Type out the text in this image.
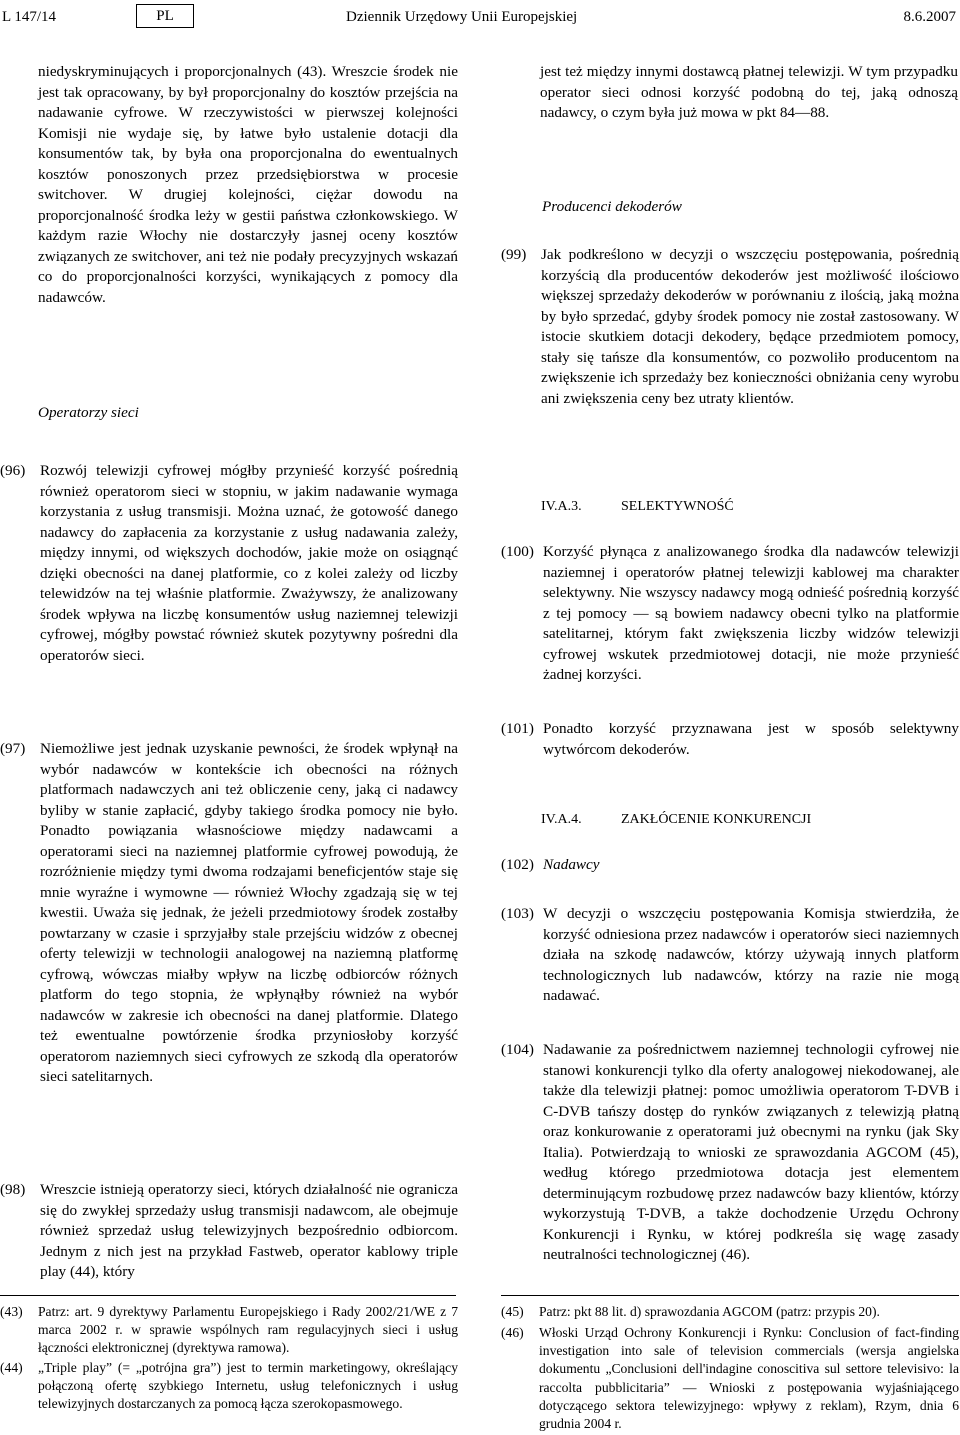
L 147/14	PL	Dziennik Urzędowy Unii Europejskiej	8.6.2007

niedyskryminujących i proporcjonalnych (43). Wreszcie środek nie jest tak opracowany, by był proporcjonalny do kosztów przejścia na nadawanie cyfrowe. W rzeczywistości w pierwszej kolejności Komisji nie wydaje się, by łatwe było ustalenie dotacji dla konsumentów tak, by była ona proporcjonalna do ewentualnych kosztów ponoszonych przez przedsiębiorstwa w procesie switchover. W drugiej kolejności, ciężar dowodu na proporcjonalność środka leży w gestii państwa członkowskiego. W każdym razie Włochy nie dostarczyły jasnej oceny kosztów związanych ze switchover, ani też nie podały precyzyjnych wskazań co do proporcjonalności korzyści, wynikających z pomocy dla nadawców.

Operatorzy sieci
(96) Rozwój telewizji cyfrowej mógłby przynieść korzyść pośrednią również operatorom sieci w stopniu, w jakim nadawanie wymaga korzystania z usług transmisji. Można uznać, że gotowość danego nadawcy do zapłacenia za korzystanie z usług nadawania zależy, między innymi, od większych dochodów, jakie może on osiągnąć dzięki obecności na danej platformie, co z kolei zależy od liczby telewidzów na tej właśnie platformie. Zważywszy, że analizowany środek wpływa na liczbę konsumentów usług naziemnej telewizji cyfrowej, mógłby powstać również skutek pozytywny pośredni dla operatorów sieci.

jest też między innymi dostawcą płatnej telewizji. W tym przypadku operator sieci odnosi korzyść podobną do tej, jaką odnoszą nadawcy, o czym była już mowa w pkt 84—88.

Producenci dekoderów
(99) Jak podkreślono w decyzji o wszczęciu postępowania, pośrednią korzyścią dla producentów dekoderów jest możliwość ilościowo większej sprzedaży dekoderów w porównaniu z ilością, jaką można by było sprzedać, gdyby środek pomocy nie został zastosowany. W istocie skutkiem dotacji dekodery, będące przedmiotem pomocy, stały się tańsze dla konsumentów, co pozwoliło producentom na zwiększenie ich sprzedaży bez konieczności obniżania ceny wyrobu ani zwiększenia ceny bez utraty klientów.
IV.A.3.	SELEKTYWNOŚĆ
(100) Korzyść płynąca z analizowanego środka dla nadawców telewizji naziemnej i operatorów płatnej telewizji kablowej ma charakter selektywny. Nie wszyscy nadawcy mogą odnieść pośrednią korzyść z tej pomocy — są bowiem nadawcy obecni tylko na platformie satelitarnej, którym fakt zwiększenia liczby widzów telewizji cyfrowej wskutek przedmiotowej dotacji, nie może przynieść żadnej korzyści.
(97) Niemożliwe jest jednak uzyskanie pewności, że środek wpłynął na wybór nadawców w kontekście ich obecności na różnych platformach nadawczych ani też obliczenie ceny, jaką ci nadawcy byliby w stanie zapłacić, gdyby takiego środka pomocy nie było. Ponadto powiązania własnościowe między nadawcami a operatorami sieci na naziemnej platformie cyfrowej powodują, że rozróżnienie między tymi dwoma rodzajami beneficjentów staje się mnie wyraźne i wymowne — również Włochy zgadzają się w tej kwestii. Uważa się jednak, że jeżeli przedmiotowy środek zostałby powtarzany w czasie i sprzyjałby stale przejściu widzów z obecnej oferty telewizji w technologii analogowej na naziemną platformę cyfrową, wówczas miałby wpływ na liczbę odbiorców różnych platform do tego stopnia, że wpłynąłby również na wybór nadawców w zakresie ich obecności na danej platformie. Dlatego też ewentualne powtórzenie środka przyniosłoby korzyść operatorom naziemnych sieci cyfrowych ze szkodą dla operatorów sieci satelitarnych.
(98) Wreszcie istnieją operatorzy sieci, których działalność nie ogranicza się do zwykłej sprzedaży usług transmisji nadawcom, ale obejmuje również sprzedaż usług telewizyjnych bezpośrednio odbiorcom. Jednym z nich jest na przykład Fastweb, operator kablowy triple play (44), który
(101) Ponadto korzyść przyznawana jest w sposób selektywny wytwórcom dekoderów.
IV.A.4.	ZAKŁÓCENIE KONKURENCJI
(102) Nadawcy
(103) W decyzji o wszczęciu postępowania Komisja stwierdziła, że korzyść odniesiona przez nadawców i operatorów sieci naziemnych działa na szkodę nadawców, którzy używają innych platform technologicznych lub nadawców, którzy na razie nie mogą nadawać.
(104) Nadawanie za pośrednictwem naziemnej technologii cyfrowej nie stanowi konkurencji tylko dla oferty analogowej niekodowanej, ale także dla telewizji płatnej: pomoc umożliwia operatorom T-DVB i C-DVB tańszy dostęp do rynków związanych z telewizją płatną oraz konkurowanie z operatorami już obecnymi na rynku (jak Sky Italia). Potwierdzają to wnioski ze sprawozdania AGCOM (45), według którego przedmiotowa dotacja jest elementem determinującym rozbudowę przez nadawców bazy klientów, którzy wykorzystują T-DVB, a także dochodzenie Urzędu Ochrony Konkurencji i Rynku, w której podkreśla się wagę zasady neutralności technologicznej (46).
(43) Patrz: art. 9 dyrektywy Parlamentu Europejskiego i Rady 2002/21/WE z 7 marca 2002 r. w sprawie wspólnych ram regulacyjnych sieci i usług łączności elektronicznej (dyrektywa ramowa).
(44) „Triple play” (= „potrójna gra”) jest to termin marketingowy, określający połączoną ofertę szybkiego Internetu, usług telefonicznych i usług telewizyjnych dostarczanych za pomocą łącza szerokopasmowego.
(45) Patrz: pkt 88 lit. d) sprawozdania AGCOM (patrz: przypis 20).
(46) Włoski Urząd Ochrony Konkurencji i Rynku: Conclusion of fact-finding investigation into sale of television commercials (wersja angielska dokumentu „Conclusioni dell'indagine conoscitiva sul settore televisivo: la raccolta pubblicitaria” — Wnioski z postępowania wyjaśniającego dotyczącego sektora telewizyjnego: wpływy z reklam), Rzym, dnia 6 grudnia 2004 r.
